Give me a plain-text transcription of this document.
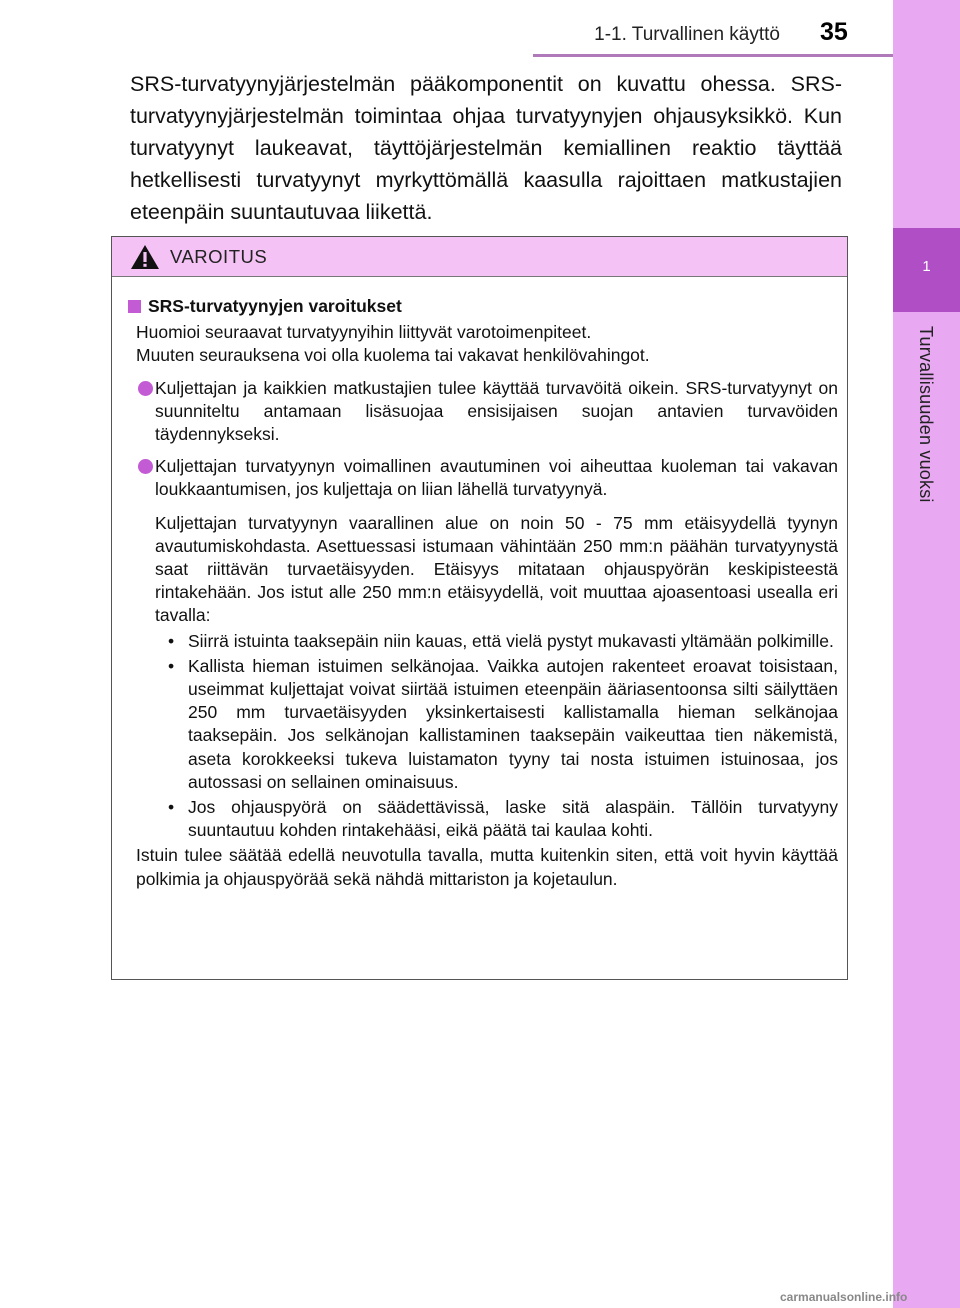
1-1. Turvallinen käyttö 35
1
Turvallisuuden vuoksi
SRS-turvatyynyjärjestelmän pääkomponentit on kuvattu ohessa. SRS-turvatyynyjärjestelmän toimintaa ohjaa turvatyynyjen ohjausyksikkö. Kun turvatyynyt laukeavat, täyttöjärjestelmän kemiallinen reaktio täyttää hetkellisesti turvatyynyt myrkyttömällä kaasulla rajoittaen matkustajien eteenpäin suuntautuvaa liikettä.
VAROITUS
SRS-turvatyynyjen varoitukset
Huomioi seuraavat turvatyynyihin liittyvät varotoimenpiteet.
Muuten seurauksena voi olla kuolema tai vakavat henkilövahingot.
Kuljettajan ja kaikkien matkustajien tulee käyttää turvavöitä oikein. SRS-turvatyynyt on suunniteltu antamaan lisäsuojaa ensisijaisen suojan antavien turvavöiden täydennykseksi.
Kuljettajan turvatyynyn voimallinen avautuminen voi aiheuttaa kuoleman tai vakavan loukkaantumisen, jos kuljettaja on liian lähellä turvatyynyä.
Kuljettajan turvatyynyn vaarallinen alue on noin 50 - 75 mm etäisyydellä tyynyn avautumiskohdasta. Asettuessasi istumaan vähintään 250 mm:n päähän turvatyynystä saat riittävän turvaetäisyyden. Etäisyys mitataan ohjauspyörän keskipisteestä rintakehään. Jos istut alle 250 mm:n etäisyydellä, voit muuttaa ajoasentoasi usealla eri tavalla:
• Siirrä istuinta taaksepäin niin kauas, että vielä pystyt mukavasti yltämään polkimille.
• Kallista hieman istuimen selkänojaa. Vaikka autojen rakenteet eroavat toisistaan, useimmat kuljettajat voivat siirtää istuimen eteenpäin ääriasentoonsa silti säilyttäen 250 mm turvaetäisyyden yksinkertaisesti kallistamalla hieman selkänojaa taaksepäin. Jos selkänojan kallistaminen taaksepäin vaikeuttaa tien näkemistä, aseta korokkeeksi tukeva luistamaton tyyny tai nosta istuimen istuinosaa, jos autossasi on sellainen ominaisuus.
• Jos ohjauspyörä on säädettävissä, laske sitä alaspäin. Tällöin turvatyyny suuntautuu kohden rintakehääsi, eikä päätä tai kaulaa kohti.
Istuin tulee säätää edellä neuvotulla tavalla, mutta kuitenkin siten, että voit hyvin käyttää polkimia ja ohjauspyörää sekä nähdä mittariston ja kojetaulun.
carmanualsonline.info
